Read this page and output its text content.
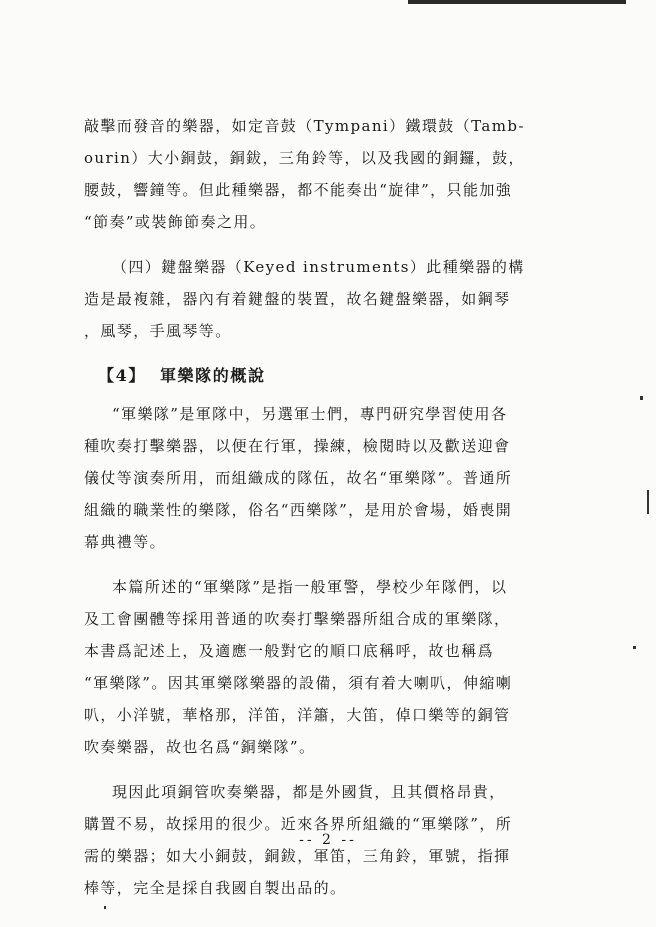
敲擊而發音的樂器，如定音鼓（Tympani）鐵環鼓（Tamb-
ourin）大小銅鼓，銅鈸，三角鈴等，以及我國的銅鑼，鼓，
腰鼓，響鐘等。但此種樂器，都不能奏出“旋律”，只能加強
“節奏”或裝飾節奏之用。
（四）鍵盤樂器（Keyed instruments）此種樂器的構
造是最複雜，器內有着鍵盤的裝置，故名鍵盤樂器，如鋼琴
，風琴，手風琴等。
【4】 軍樂隊的概說
“軍樂隊”是軍隊中，另選軍士們，專門研究學習使用各
種吹奏打擊樂器，以便在行軍，操練，檢閱時以及歡送迎會
儀仗等演奏所用，而組織成的隊伍，故名“軍樂隊”。普通所
組織的職業性的樂隊，俗名“西樂隊”，是用於會場，婚喪開
幕典禮等。
本篇所述的“軍樂隊”是指一般軍警，學校少年隊們，以
及工會團體等採用普通的吹奏打擊樂器所組合成的軍樂隊，
本書爲記述上，及適應一般對它的順口底稱呼，故也稱爲
“軍樂隊”。因其軍樂隊樂器的設備，須有着大喇叭，伸縮喇
叭，小洋號，華格那，洋笛，洋簫，大笛，倬口樂等的銅管
吹奏樂器，故也名爲“銅樂隊”。
現因此項銅管吹奏樂器，都是外國貨，且其價格昂貴，
購置不易，故採用的很少。近來各界所組織的“軍樂隊”，所
需的樂器；如大小銅鼓，銅鈸，軍笛，三角鈴，軍號，指揮
棒等，完全是採自我國自製出品的。
-- 2 --
